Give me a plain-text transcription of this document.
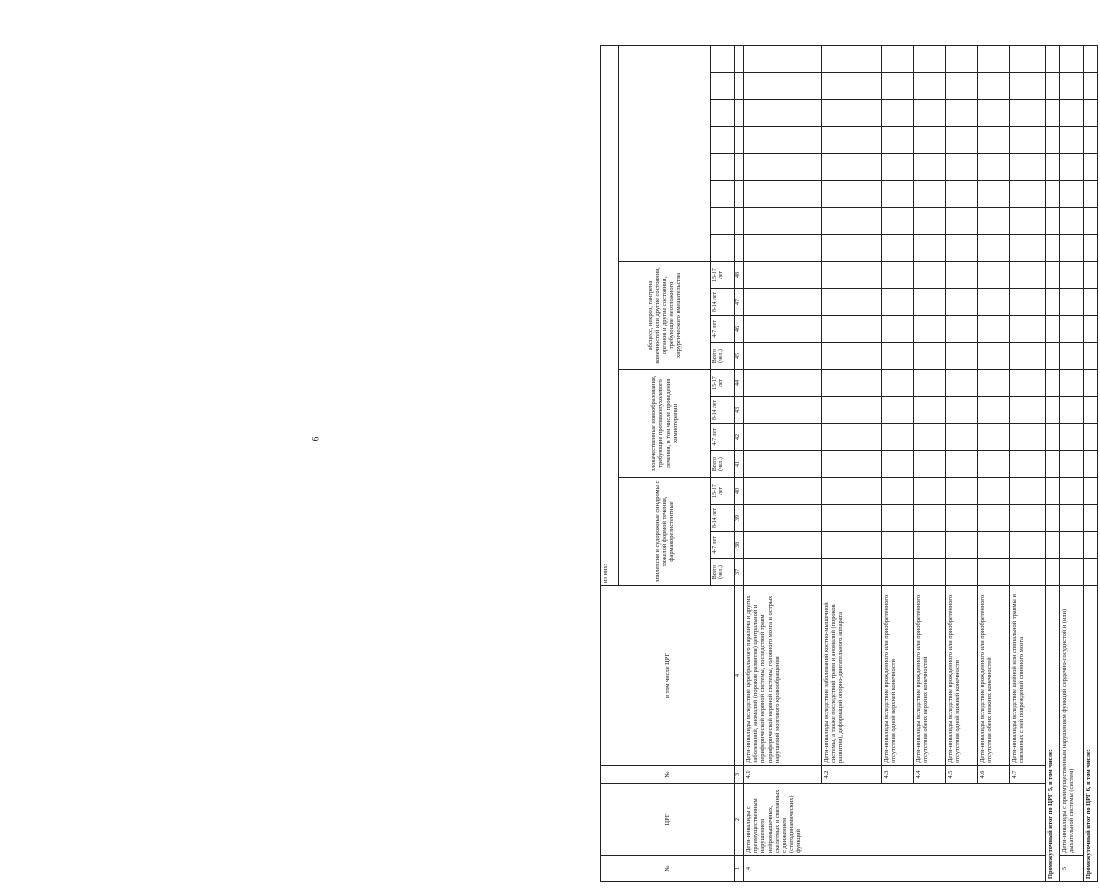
6
№	ЦРГ	№	в том числе ЦРГ	из них:																			
				эпилепсия и судорожные синдромы с тяжелой формой течения, фармакорезистентные				злокачественные новообразования, требующие противоопухолевого лечения, в том числе проведения химиотерапии				абсцесс, некроз, гангрена конечностей или другие состояния, органов и другие состояния, требующие неотложного хирургического вмешательства											
				Всего (чел.)	4-7 лет	8-14 лет	15-17 лет	Всего (чел.)	4-7 лет	8-14 лет	15-17 лет	Всего (чел.)	4-7 лет	8-14 лет	15-17 лет								
1	2	3	4	37	38	39	40	41	42	43	44	45	46	47	48								
4	Дети-инвалиды с преимущественным нарушением нейромышечных, скелетных и связанных с движением (статодинамических) функций	4.1	Дети-инвалиды вследствие церебрального паралича и других заболеваний, аномалий (пороков развития) центральной и периферической нервной системы, последствий травм периферической нервной системы, головного мозга и острых нарушений мозгового кровообращения																				
		4.2	Дети-инвалиды вследствие заболеваний костно-мышечной системы, а также последствий травм и аномалий (пороков развития), деформаций опорно-двигательного аппарата																				
		4.3	Дети-инвалиды вследствие врожденного или приобретенного отсутствия одной верхней конечности																				
		4.4	Дети-инвалиды вследствие врожденного или приобретенного отсутствия обеих верхних конечностей																				
		4.5	Дети-инвалиды вследствие врожденного или приобретенного отсутствия одной нижней конечности																				
		4.6	Дети-инвалиды вследствие врожденного или приобретенного отсутствия обеих нижних конечностей																				
		4.7	Дети-инвалиды вследствие шейной или спинальной травмы и связанных с ней повреждений спинного мозга																				
Промежуточный итог по ЦРГ 5, в том числе:																							
5	Дети-инвалиды с преимущественным нарушением функций сердечно-сосудистой и (или) дыхательной системы (систем)																						
Промежуточный итог по ЦРГ 6, в том числе:																							
